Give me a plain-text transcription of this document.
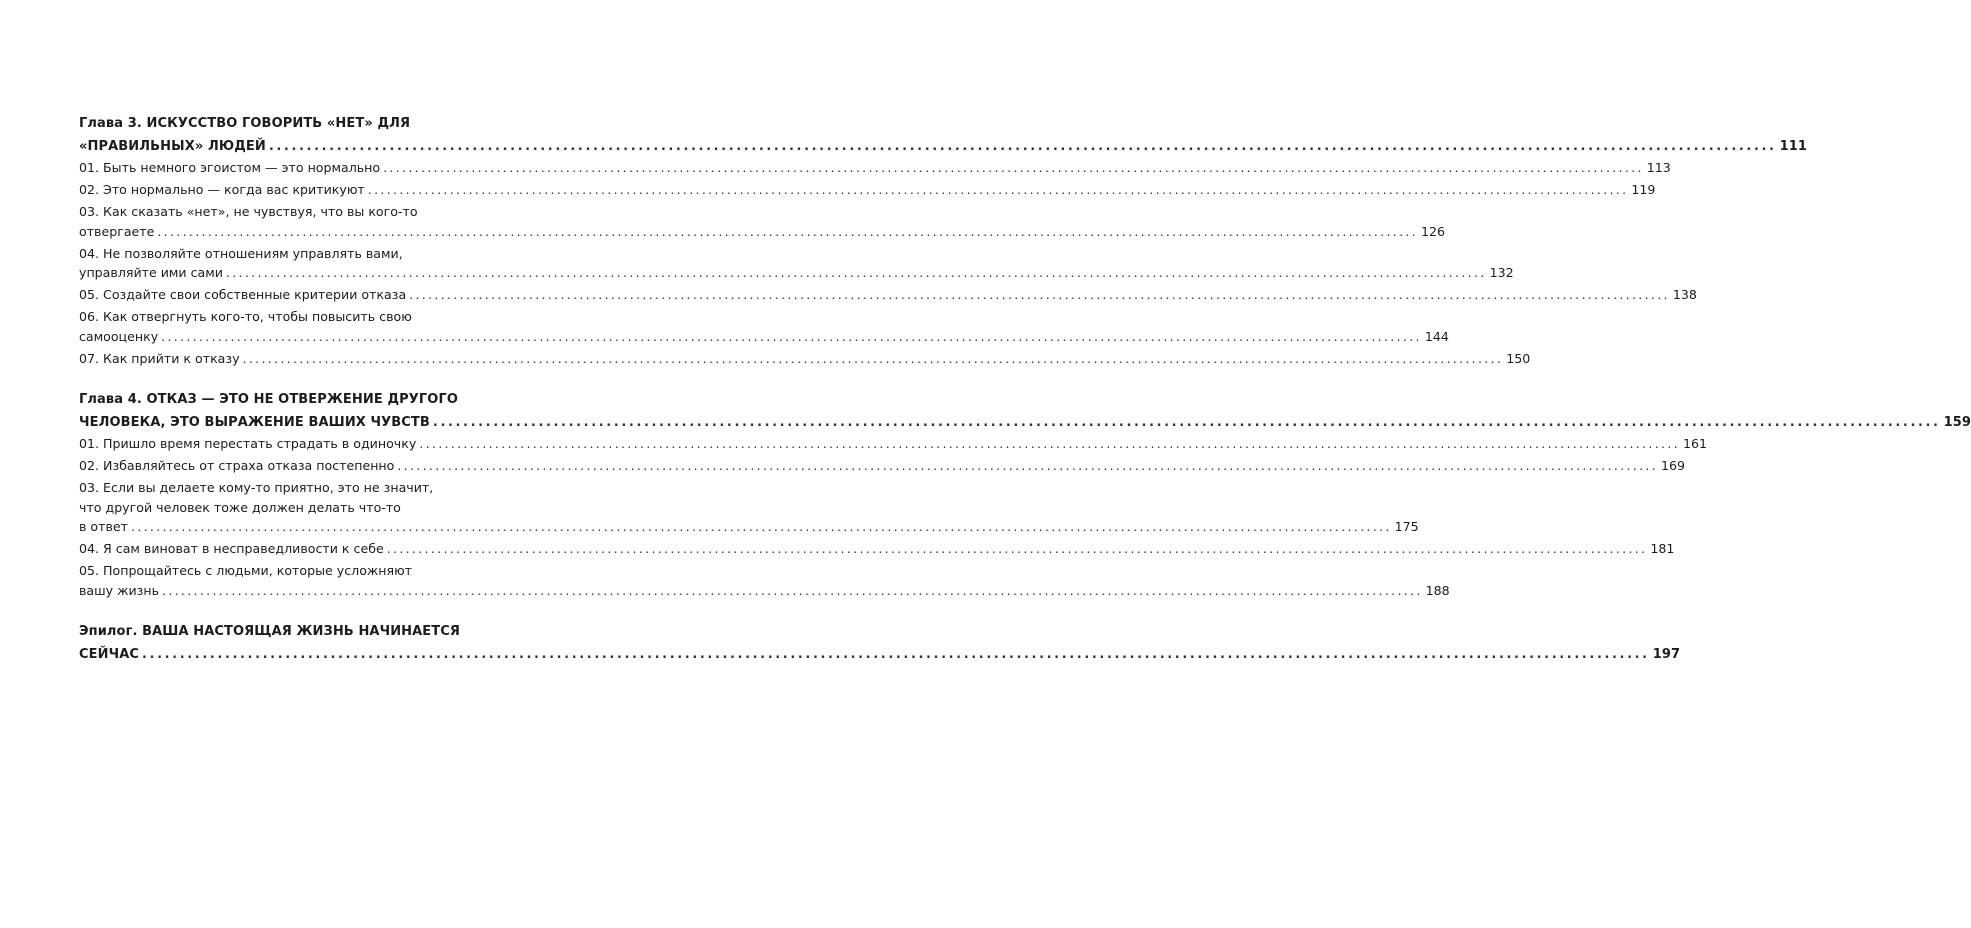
Глава 3. ИСКУССТВО ГОВОРИТЬ «НЕТ» ДЛЯ
«ПРАВИЛЬНЫХ» ЛЮДЕЙ ........................................................................................................................................................................................................ 111
01. Быть немного эгоистом — это нормально ........................................................................................................................................................................................................ 113
02. Это нормально — когда вас критикуют ........................................................................................................................................................................................................ 119
03. Как сказать «нет», не чувствуя, что вы кого-то
отвергаете ........................................................................................................................................................................................................ 126
04. Не позволяйте отношениям управлять вами,
управляйте ими сами ........................................................................................................................................................................................................ 132
05. Создайте свои собственные критерии отказа ........................................................................................................................................................................................................ 138
06. Как отвергнуть кого-то, чтобы повысить свою
самооценку ........................................................................................................................................................................................................ 144
07. Как прийти к отказу ........................................................................................................................................................................................................ 150
Глава 4. ОТКАЗ — ЭТО НЕ ОТВЕРЖЕНИЕ ДРУГОГО
ЧЕЛОВЕКА, ЭТО ВЫРАЖЕНИЕ ВАШИХ ЧУВСТВ ........................................................................................................................................................................................................ 159
01. Пришло время перестать страдать в одиночку ........................................................................................................................................................................................................ 161
02. Избавляйтесь от страха отказа постепенно ........................................................................................................................................................................................................ 169
03. Если вы делаете кому-то приятно, это не значит,
что другой человек тоже должен делать что-то
в ответ ........................................................................................................................................................................................................ 175
04. Я сам виноват в несправедливости к себе ........................................................................................................................................................................................................ 181
05. Попрощайтесь с людьми, которые усложняют
вашу жизнь ........................................................................................................................................................................................................ 188
Эпилог. ВАША НАСТОЯЩАЯ ЖИЗНЬ НАЧИНАЕТСЯ
СЕЙЧАС ........................................................................................................................................................................................................ 197
